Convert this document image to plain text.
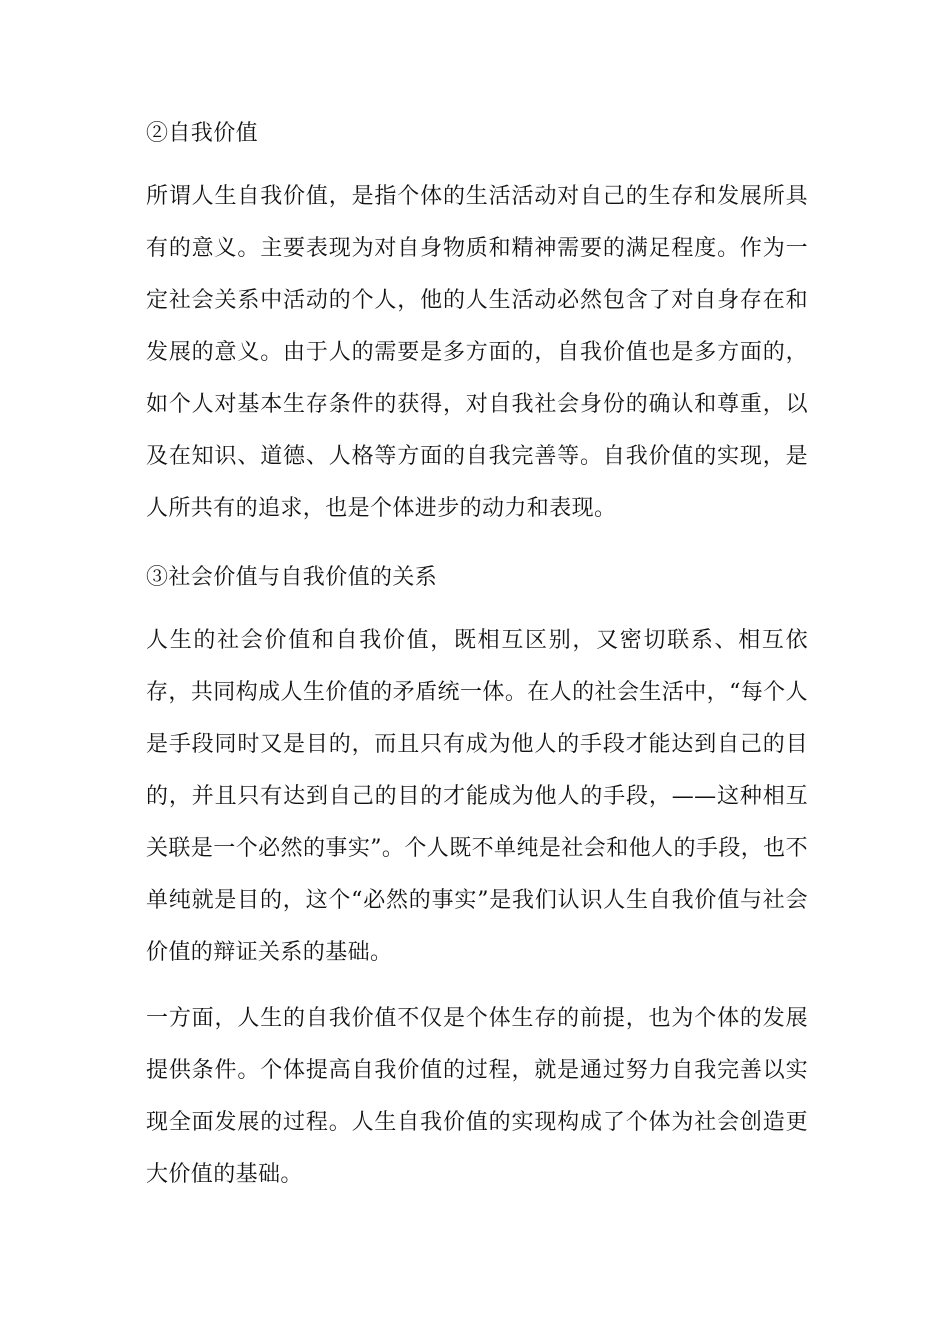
②自我价值

所谓人生自我价值，是指个体的生活活动对自己的生存和发展所具有的意义。主要表现为对自身物质和精神需要的满足程度。作为一定社会关系中活动的个人，他的人生活动必然包含了对自身存在和发展的意义。由于人的需要是多方面的，自我价值也是多方面的，如个人对基本生存条件的获得，对自我社会身份的确认和尊重，以及在知识、道德、人格等方面的自我完善等。自我价值的实现，是人所共有的追求，也是个体进步的动力和表现。

③社会价值与自我价值的关系

人生的社会价值和自我价值，既相互区别，又密切联系、相互依存，共同构成人生价值的矛盾统一体。在人的社会生活中，“每个人是手段同时又是目的，而且只有成为他人的手段才能达到自己的目的，并且只有达到自己的目的才能成为他人的手段，——这种相互关联是一个必然的事实”。个人既不单纯是社会和他人的手段，也不单纯就是目的，这个“必然的事实”是我们认识人生自我价值与社会价值的辩证关系的基础。

一方面，人生的自我价值不仅是个体生存的前提，也为个体的发展提供条件。个体提高自我价值的过程，就是通过努力自我完善以实现全面发展的过程。人生自我价值的实现构成了个体为社会创造更大价值的基础。
